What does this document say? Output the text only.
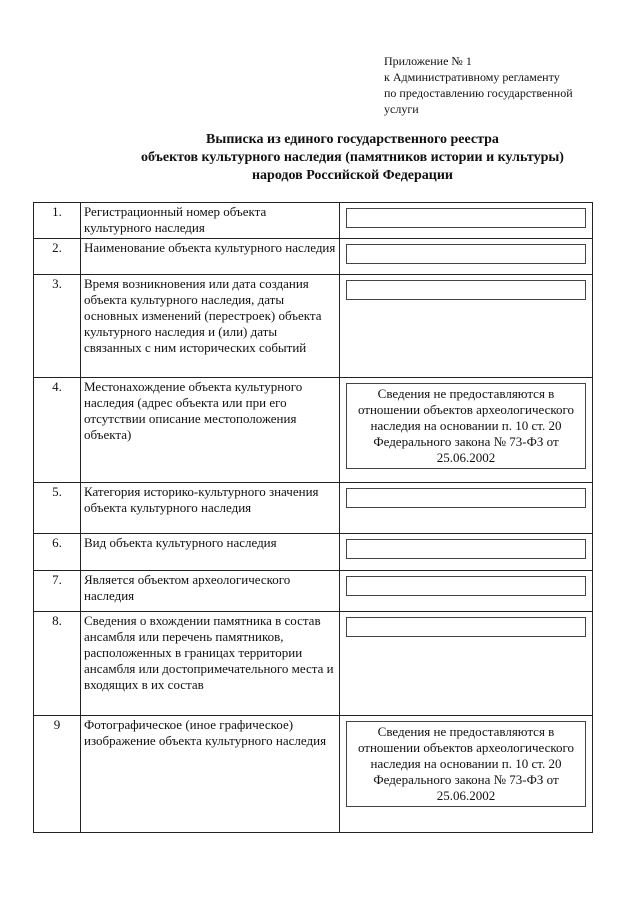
Приложение № 1
к Административному регламенту
по предоставлению государственной
услуги
Выписка из единого государственного реестра
объектов культурного наследия (памятников истории и культуры)
народов Российской Федерации
1.	Регистрационный номер объекта культурного наследия	

2.	Наименование объекта культурного наследия	

3.	Время возникновения или дата создания объекта культурного наследия, даты основных изменений (перестроек) объекта культурного наследия и (или) даты связанных с ним исторических событий	

4.	Местонахождение объекта культурного наследия (адрес объекта или при его отсутствии описание местоположения объекта)	Сведения не предоставляются в отношении объектов археологического наследия на основании п. 10 ст. 20 Федерального закона № 73-ФЗ от 25.06.2002

5.	Категория историко-культурного значения объекта культурного наследия	

6.	Вид объекта культурного наследия	

7.	Является объектом археологического наследия	

8.	Сведения о вхождении памятника в состав ансамбля или перечень памятников, расположенных в границах территории ансамбля или достопримечательного места и входящих в их состав	

9	Фотографическое (иное графическое) изображение объекта культурного наследия	Сведения не предоставляются в отношении объектов археологического наследия на основании п. 10 ст. 20 Федерального закона № 73-ФЗ от 25.06.2002
